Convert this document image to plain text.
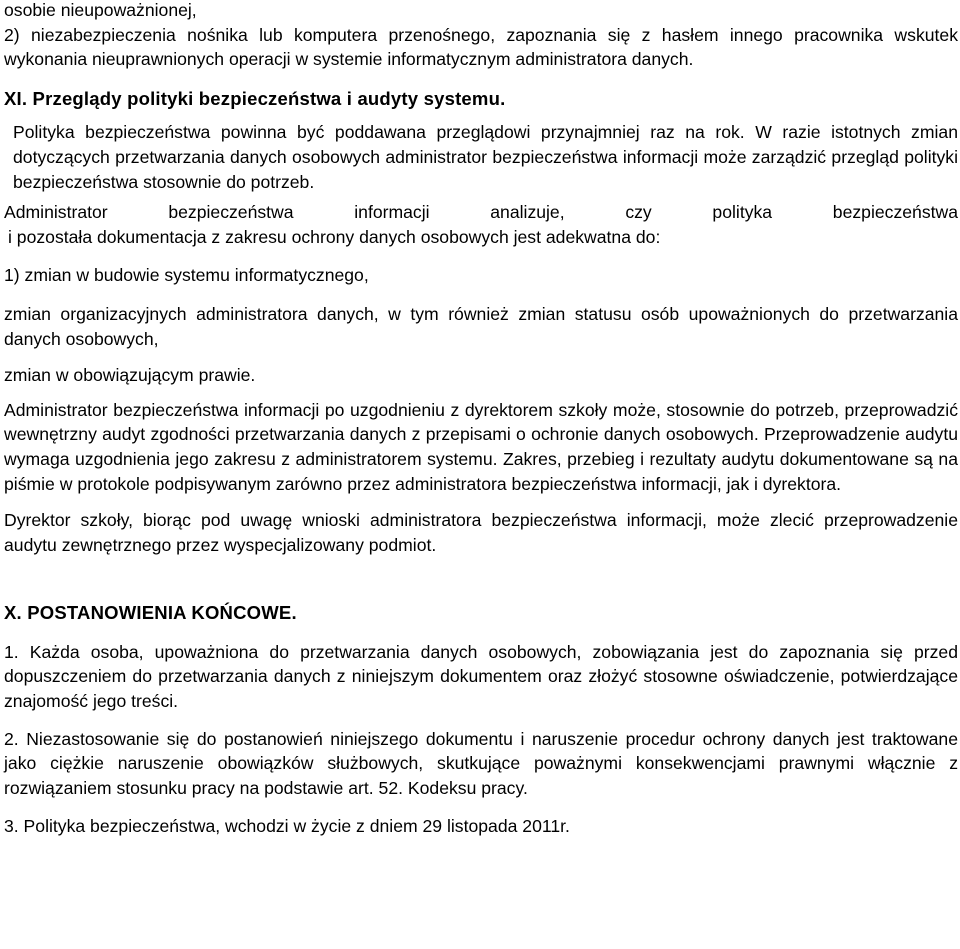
osobie nieupoważnionej,

2) niezabezpieczenia nośnika lub komputera przenośnego, zapoznania się z hasłem innego pracownika wskutek wykonania nieuprawnionych operacji w systemie informatycznym administratora danych.

XI. Przeglądy polityki bezpieczeństwa i audyty systemu.

Polityka bezpieczeństwa powinna być poddawana przeglądowi przynajmniej raz na rok. W razie istotnych zmian dotyczących przetwarzania danych osobowych administrator bezpieczeństwa informacji może zarządzić przegląd polityki bezpieczeństwa stosownie do potrzeb.

Administrator bezpieczeństwa informacji analizuje, czy polityka bezpieczeństwa

i pozostała dokumentacja z zakresu ochrony danych osobowych jest adekwatna do:

1) zmian w budowie systemu informatycznego,

zmian organizacyjnych administratora danych, w tym również zmian statusu osób upoważnionych do przetwarzania danych osobowych,

zmian w obowiązującym prawie.

Administrator bezpieczeństwa informacji po uzgodnieniu z dyrektorem szkoły może, stosownie do potrzeb, przeprowadzić wewnętrzny audyt zgodności przetwarzania danych z przepisami o ochronie danych osobowych. Przeprowadzenie audytu wymaga uzgodnienia jego zakresu z administratorem systemu. Zakres, przebieg i rezultaty audytu dokumentowane są na piśmie w protokole podpisywanym zarówno przez administratora bezpieczeństwa informacji, jak i dyrektora.

Dyrektor szkoły, biorąc pod uwagę wnioski administratora bezpieczeństwa informacji, może zlecić przeprowadzenie audytu zewnętrznego przez wyspecjalizowany podmiot.

X. POSTANOWIENIA KOŃCOWE.

1. Każda osoba, upoważniona do przetwarzania danych osobowych, zobowiązania jest do zapoznania się przed dopuszczeniem do przetwarzania danych z niniejszym dokumentem oraz złożyć stosowne oświadczenie, potwierdzające znajomość jego treści.

2. Niezastosowanie się do postanowień niniejszego dokumentu i naruszenie procedur ochrony danych jest traktowane jako ciężkie naruszenie obowiązków służbowych, skutkujące poważnymi konsekwencjami prawnymi włącznie z rozwiązaniem stosunku pracy na podstawie art. 52. Kodeksu pracy.

3. Polityka bezpieczeństwa, wchodzi w życie z dniem 29 listopada 2011r.
